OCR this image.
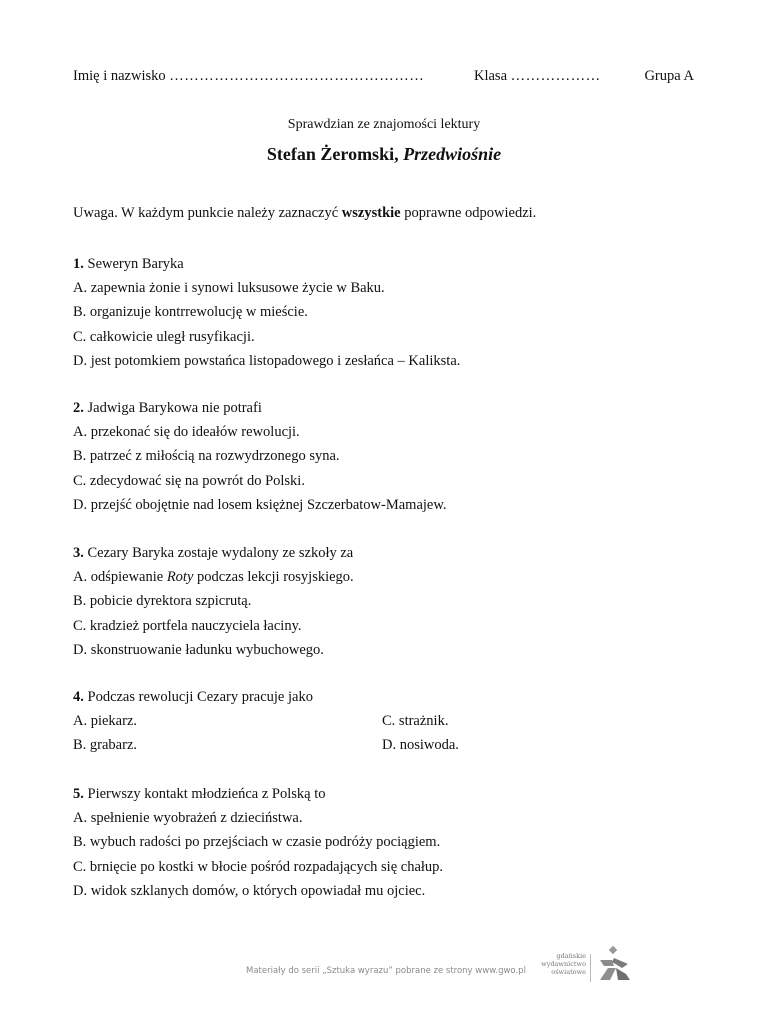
Imię i nazwisko ……………………………………………	Klasa ………………	Grupa A
Sprawdzian ze znajomości lektury
Stefan Żeromski, Przedwiośnie
Uwaga. W każdym punkcie należy zaznaczyć wszystkie poprawne odpowiedzi.
1. Seweryn Baryka
A. zapewnia żonie i synowi luksusowe życie w Baku.
B. organizuje kontrrewolucję w mieście.
C. całkowicie uległ rusyfikacji.
D. jest potomkiem powstańca listopadowego i zesłańca – Kaliksta.
2. Jadwiga Barykowa nie potrafi
A. przekonać się do ideałów rewolucji.
B. patrzeć z miłością na rozwydrzonego syna.
C. zdecydować się na powrót do Polski.
D. przejść obojętnie nad losem księżnej Szczerbatow-Mamajew.
3. Cezary Baryka zostaje wydalony ze szkoły za
A. odśpiewanie Roty podczas lekcji rosyjskiego.
B. pobicie dyrektora szpicrutą.
C. kradzież portfela nauczyciela łaciny.
D. skonstruowanie ładunku wybuchowego.
4. Podczas rewolucji Cezary pracuje jako
A. piekarz.	C. strażnik.
B. grabarz.	D. nosiwoda.
5. Pierwszy kontakt młodzieńca z Polską to
A. spełnienie wyobrażeń z dzieciństwa.
B. wybuch radości po przejściach w czasie podróży pociągiem.
C. brnięcie po kostki w błocie pośród rozpadających się chałup.
D. widok szklanych domów, o których opowiadał mu ojciec.
Materiały do serii „Sztuka wyrazu” pobrane ze strony www.gwo.pl
gdańskie
wydawnictwo
oświatowe
